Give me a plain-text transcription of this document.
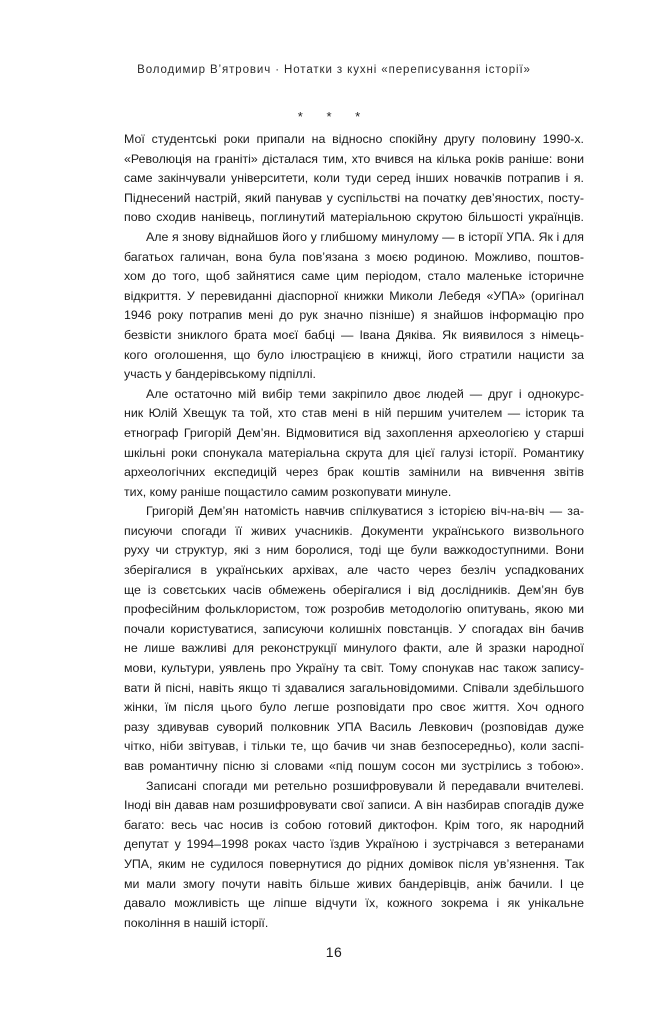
Володимир В’ятрович · Нотатки з кухні «переписування історії»
* * *
Мої студентські роки припали на відносно спокійну другу половину 1990-х.
«Революція на граніті» дісталася тим, хто вчився на кілька років раніше: вони
саме закінчували університети, коли туди серед інших новачків потрапив і я.
Піднесений настрій, який панував у суспільстві на початку дев’яностих, посту-
пово сходив нанівець, поглинутий матеріальною скрутою більшості українців.
Але я знову віднайшов його у глибшому минулому — в історії УПА. Як і для
багатьох галичан, вона була пов’язана з моєю родиною. Можливо, поштов-
хом до того, щоб зайнятися саме цим періодом, стало маленьке історичне
відкриття. У перевиданні діаспорної книжки Миколи Лебедя «УПА» (оригінал
1946 року потрапив мені до рук значно пізніше) я знайшов інформацію про
безвісти зниклого брата моєї бабці — Івана Дяківа. Як виявилося з німець-
кого оголошення, що було ілюстрацією в книжці, його стратили нацисти за
участь у бандерівському підпіллі.
Але остаточно мій вибір теми закріпило двоє людей — друг і однокурс-
ник Юлій Хвещук та той, хто став мені в ній першим учителем — історик та
етнограф Григорій Дем’ян. Відмовитися від захоплення археологією у старші
шкільні роки спонукала матеріальна скрута для цієї галузі історії. Романтику
археологічних експедицій через брак коштів замінили на вивчення звітів
тих, кому раніше пощастило самим розкопувати минуле.
Григорій Дем’ян натомість навчив спілкуватися з історією віч-на-віч — за-
писуючи спогади її живих учасників. Документи українського визвольного
руху чи структур, які з ним боролися, тоді ще були важкодоступними. Вони
зберігалися в українських архівах, але часто через безліч успадкованих
ще із совєтських часів обмежень оберігалися і від дослідників. Дем’ян був
професійним фольклористом, тож розробив методологію опитувань, якою ми
почали користуватися, записуючи колишніх повстанців. У спогадах він бачив
не лише важливі для реконструкції минулого факти, але й зразки народної
мови, культури, уявлень про Україну та світ. Тому спонукав нас також запису-
вати й пісні, навіть якщо ті здавалися загальновідомими. Співали здебільшого
жінки, їм після цього було легше розповідати про своє життя. Хоч одного
разу здивував суворий полковник УПА Василь Левкович (розповідав дуже
чітко, ніби звітував, і тільки те, що бачив чи знав безпосередньо), коли заспі-
вав романтичну пісню зі словами «під пошум сосон ми зустрілись з тобою».
Записані спогади ми ретельно розшифровували й передавали вчителеві.
Іноді він давав нам розшифровувати свої записи. А він назбирав спогадів дуже
багато: весь час носив із собою готовий диктофон. Крім того, як народний
депутат у 1994–1998 роках часто їздив Україною і зустрічався з ветеранами
УПА, яким не судилося повернутися до рідних домівок після ув’язнення. Так
ми мали змогу почути навіть більше живих бандерівців, аніж бачили. І це
давало можливість ще ліпше відчути їх, кожного зокрема і як унікальне
покоління в нашій історії.
16
